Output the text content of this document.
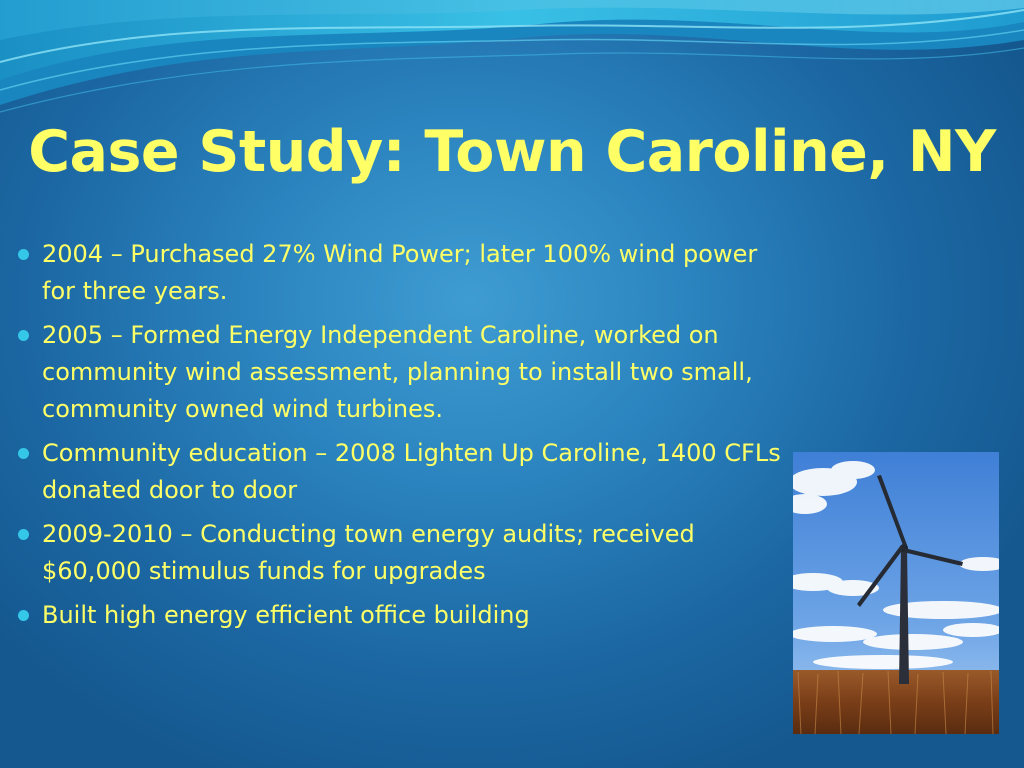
Case Study: Town Caroline, NY
2004 – Purchased 27% Wind Power; later 100% wind power for three years.
2005 – Formed Energy Independent Caroline, worked on community wind assessment, planning to install two small, community owned wind turbines.
Community education – 2008 Lighten Up Caroline, 1400 CFLs donated door to door
2009-2010 – Conducting town energy audits; received $60,000 stimulus funds for upgrades
Built high energy efficient office building
